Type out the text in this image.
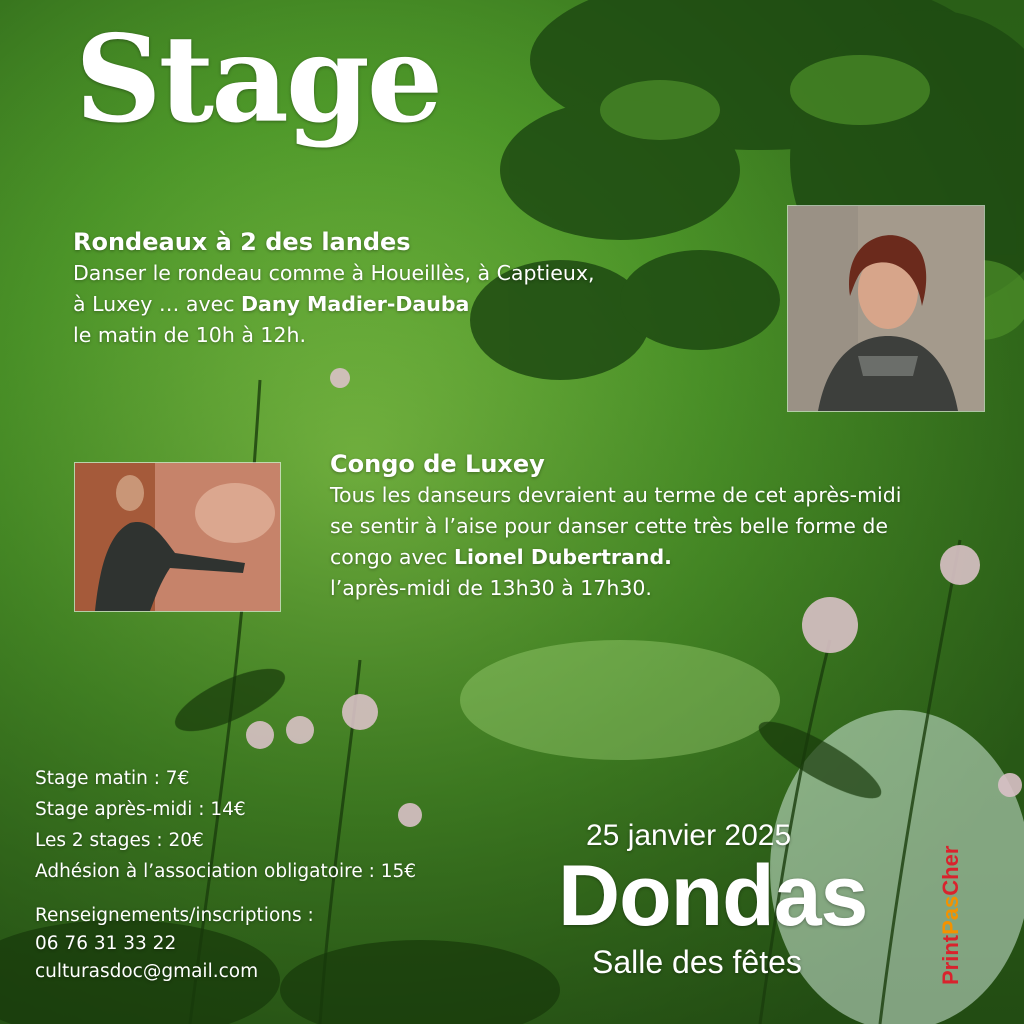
Stage
Rondeaux à 2 des landes
Danser le rondeau comme à Houeillès, à Captieux,
à Luxey … avec Dany Madier-Dauba
le matin de 10h à 12h.
Congo de Luxey
Tous les danseurs devraient au terme de cet après-midi
se sentir à l’aise pour danser cette très belle forme de
congo avec Lionel Dubertrand.
l’après-midi de 13h30 à 17h30.
Stage matin : 7€
Stage après-midi : 14€
Les 2 stages : 20€
Adhésion à l’association obligatoire : 15€
Renseignements/inscriptions :
06 76 31 33 22
culturasdoc@gmail.com
25 janvier 2025
Dondas
Salle des fêtes	PrintPasCher
